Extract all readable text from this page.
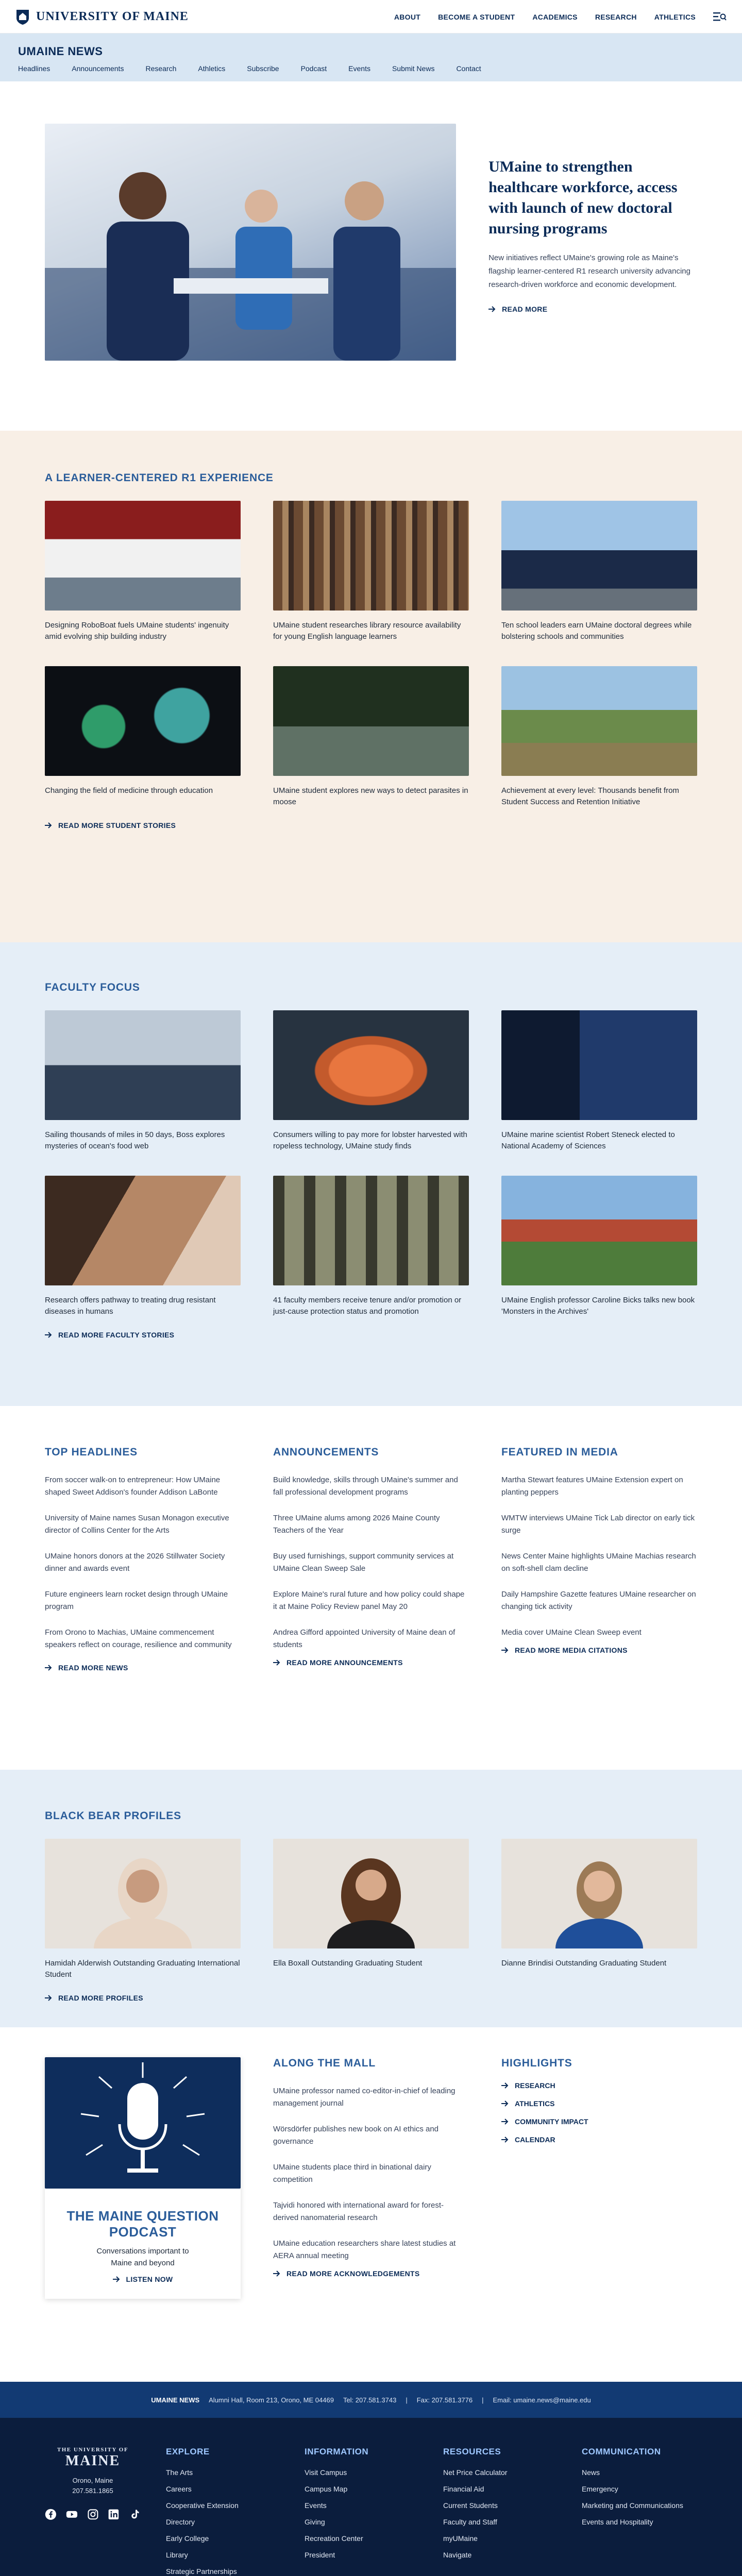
UNIVERSITY OF MAINE	ABOUT BECOME A STUDENT ACADEMICS RESEARCH ATHLETICS
UMAINE NEWS
Headlines	Announcements	Research	Athletics	Subscribe	Podcast	Events	Submit News	Contact
UMaine to strengthen healthcare workforce, access with launch of new doctoral nursing programs

New initiatives reflect UMaine's growing role as Maine's flagship learner-centered R1 research university advancing research-driven workforce and economic development.

READ MORE
A LEARNER-CENTERED R1 EXPERIENCE

Designing RoboBoat fuels UMaine students' ingenuity amid evolving ship building industry

UMaine student researches library resource availability for young English language learners

Ten school leaders earn UMaine doctoral degrees while bolstering schools and communities

Changing the field of medicine through education	UMaine student explores new ways to detect parasites in moose

Achievement at every level: Thousands benefit from Student Success and Retention Initiative

READ MORE STUDENT STORIES
FACULTY FOCUS

Sailing thousands of miles in 50 days, Boss explores mysteries of ocean's food web

Consumers willing to pay more for lobster harvested with ropeless technology, UMaine study finds

UMaine marine scientist Robert Steneck elected to National Academy of Sciences

Research offers pathway to treating drug resistant diseases in humans

41 faculty members receive tenure and/or promotion or just-cause protection status and promotion

UMaine English professor Caroline Bicks talks new book 'Monsters in the Archives'

READ MORE FACULTY STORIES
TOP HEADLINES
From soccer walk-on to entrepreneur: How UMaine shaped Sweet Addison's founder Addison LaBonte
University of Maine names Susan Monagon executive director of Collins Center for the Arts
UMaine honors donors at the 2026 Stillwater Society dinner and awards event
Future engineers learn rocket design through UMaine program
From Orono to Machias, UMaine commencement speakers reflect on courage, resilience and community
READ MORE NEWS
ANNOUNCEMENTS
Build knowledge, skills through UMaine's summer and fall professional development programs
Three UMaine alums among 2026 Maine County Teachers of the Year
Buy used furnishings, support community services at UMaine Clean Sweep Sale
Explore Maine's rural future and how policy could shape it at Maine Policy Review panel May 20
Andrea Gifford appointed University of Maine dean of students
READ MORE ANNOUNCEMENTS
FEATURED IN MEDIA
Martha Stewart features UMaine Extension expert on planting peppers
WMTW interviews UMaine Tick Lab director on early tick surge
News Center Maine highlights UMaine Machias research on soft-shell clam decline
Daily Hampshire Gazette features UMaine researcher on changing tick activity
Media cover UMaine Clean Sweep event
READ MORE MEDIA CITATIONS
BLACK BEAR PROFILES

Hamidah Alderwish Outstanding Graduating International Student

Ella Boxall Outstanding Graduating Student	Dianne Brindisi Outstanding Graduating Student

READ MORE PROFILES
THE MAINE QUESTION PODCAST

Conversations important to Maine and beyond

LISTEN NOW
ALONG THE MALL
UMaine professor named co-editor-in-chief of leading management journal
Wörsdörfer publishes new book on AI ethics and governance
UMaine students place third in binational dairy competition
Tajvidi honored with international award for forest-derived nanomaterial research
UMaine education researchers share latest studies at AERA annual meeting
READ MORE ACKNOWLEDGEMENTS
HIGHLIGHTS
RESEARCH
ATHLETICS
COMMUNITY IMPACT
CALENDAR
UMAINE NEWS Alumni Hall, Room 213, Orono, ME 04469 Tel: 207.581.3743 | Fax: 207.581.3776 | Email: umaine.news@maine.edu
THE UNIVERSITY OF
MAINE
Orono, Maine
207.581.1865
EXPLORE
The Arts
Careers
Cooperative Extension
Directory
Early College
Library
Strategic Partnerships
INFORMATION
Visit Campus
Campus Map
Events
Giving
Recreation Center
President
RESOURCES
Net Price Calculator
Financial Aid
Current Students
Faculty and Staff
myUMaine
Navigate
COMMUNICATION
News
Emergency
Marketing and Communications
Events and Hospitality
